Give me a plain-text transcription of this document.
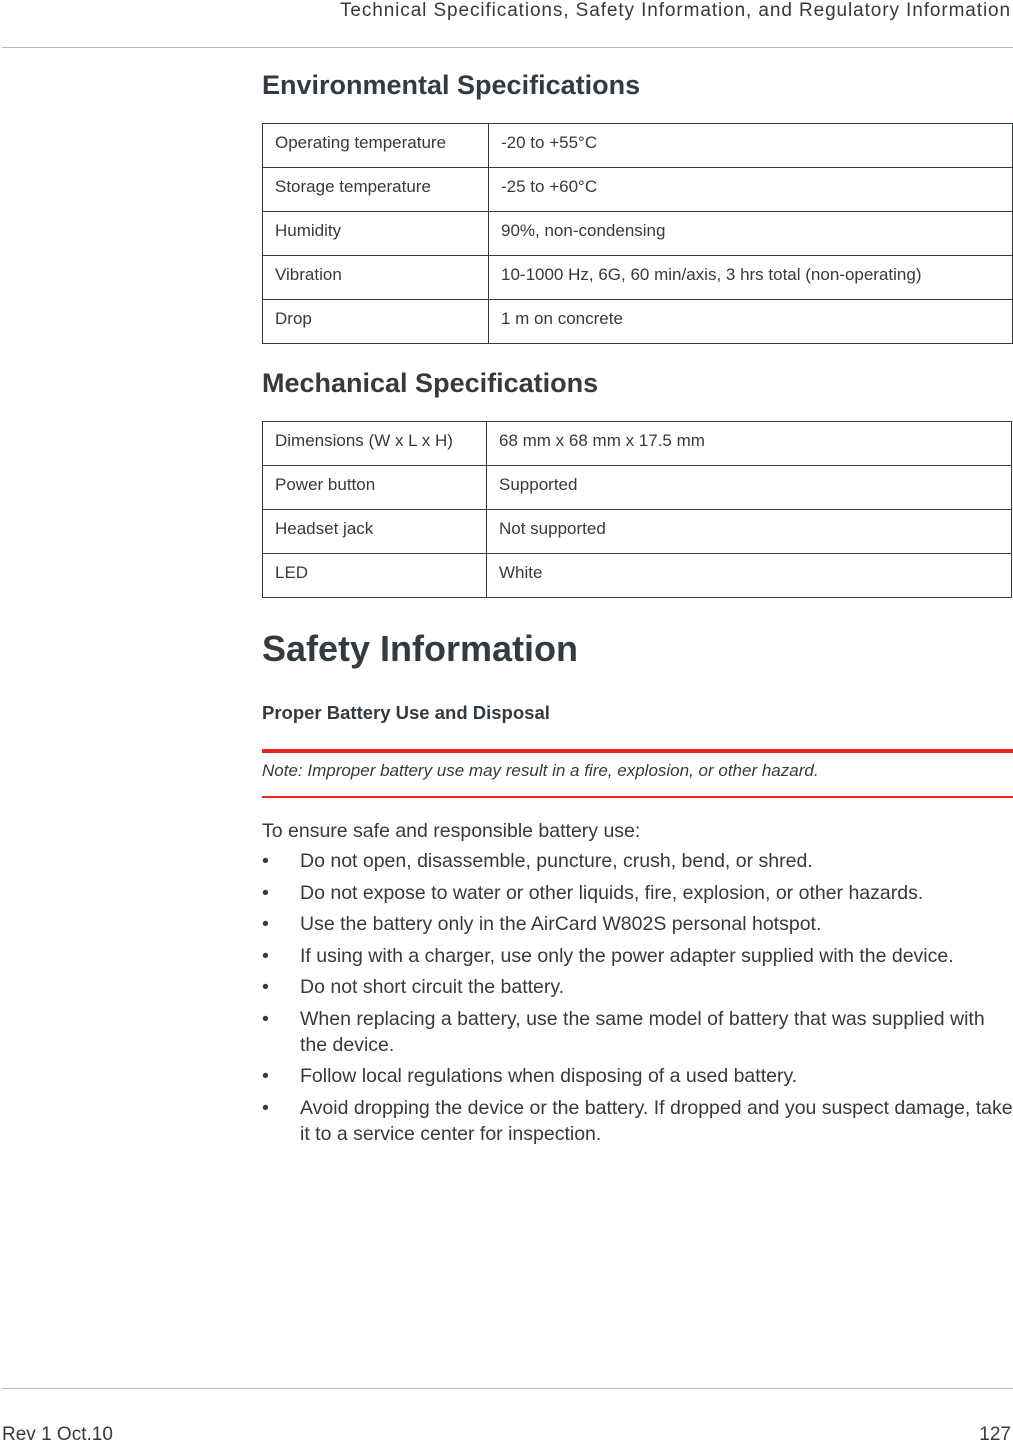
Technical Specifications, Safety Information, and Regulatory Information
Environmental Specifications
Operating temperature	-20 to +55°C
Storage temperature	-25 to +60°C
Humidity	90%, non-condensing
Vibration	10-1000 Hz, 6G, 60 min/axis, 3 hrs total (non-operating)
Drop	1 m on concrete
Mechanical Specifications
Dimensions (W x L x H)	68 mm x 68 mm x 17.5 mm
Power button	Supported
Headset jack	Not supported
LED	White
Safety Information
Proper Battery Use and Disposal
Note: Improper battery use may result in a fire, explosion, or other hazard.
To ensure safe and responsible battery use:
• Do not open, disassemble, puncture, crush, bend, or shred.
• Do not expose to water or other liquids, fire, explosion, or other hazards.
• Use the battery only in the AirCard W802S personal hotspot.
• If using with a charger, use only the power adapter supplied with the device.
• Do not short circuit the battery.
• When replacing a battery, use the same model of battery that was supplied with the device.
• Follow local regulations when disposing of a used battery.
• Avoid dropping the device or the battery. If dropped and you suspect damage, take it to a service center for inspection.
Rev 1 Oct.10	127
